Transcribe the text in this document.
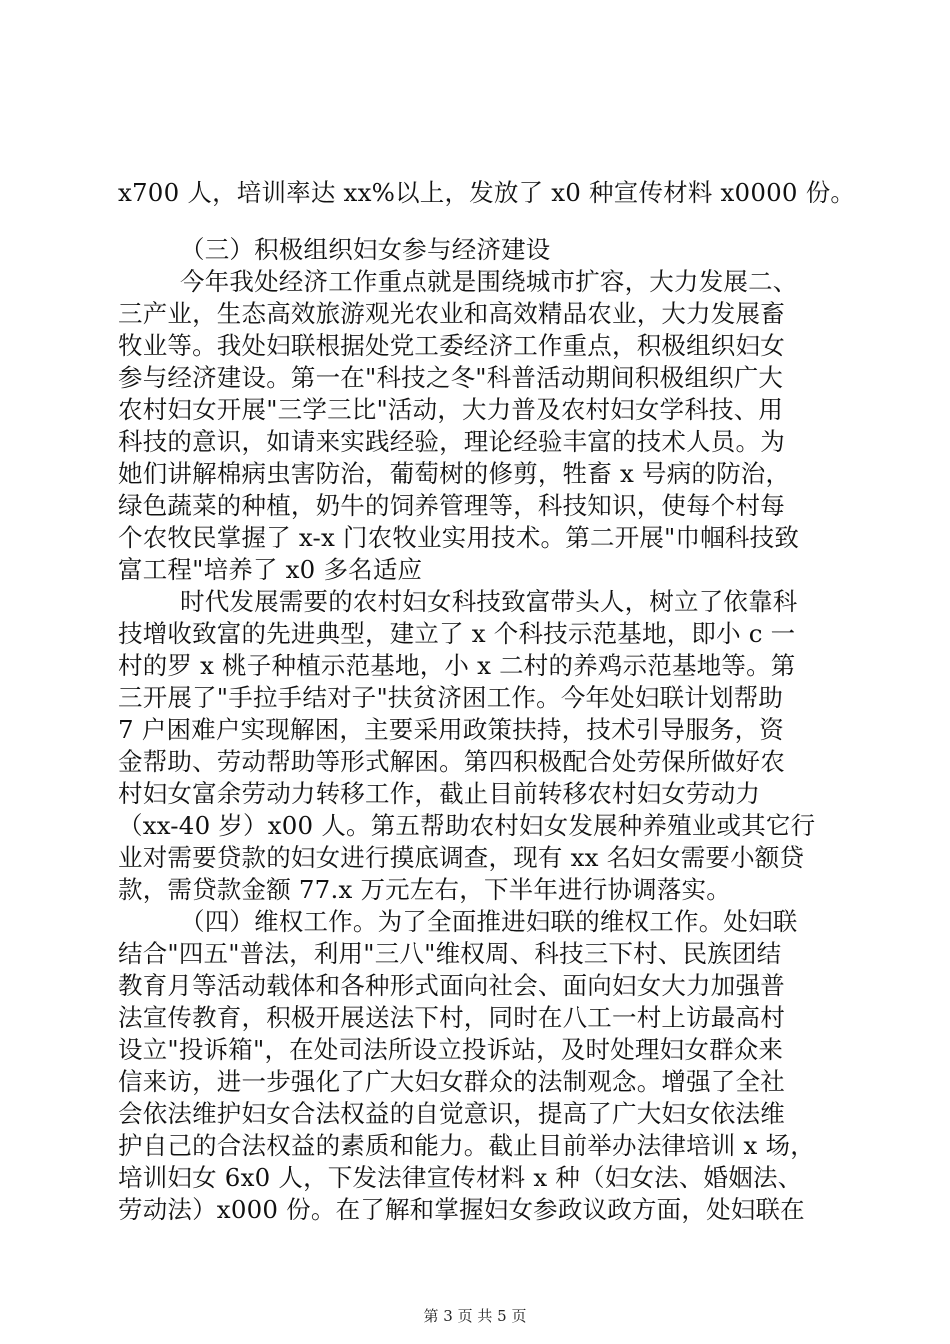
x700 人，培训率达 xx%以上，发放了 x0 种宣传材料 x0000 份。
（三）积极组织妇女参与经济建设
今年我处经济工作重点就是围绕城市扩容，大力发展二、
三产业，生态高效旅游观光农业和高效精品农业，大力发展畜
牧业等。我处妇联根据处党工委经济工作重点，积极组织妇女
参与经济建设。第一在"科技之冬"科普活动期间积极组织广大
农村妇女开展"三学三比"活动，大力普及农村妇女学科技、用
科技的意识，如请来实践经验，理论经验丰富的技术人员。为
她们讲解棉病虫害防治，葡萄树的修剪，牲畜 x 号病的防治，
绿色蔬菜的种植，奶牛的饲养管理等，科技知识，使每个村每
个农牧民掌握了 x-x 门农牧业实用技术。第二开展"巾帼科技致
富工程"培养了 x0 多名适应
时代发展需要的农村妇女科技致富带头人，树立了依靠科
技增收致富的先进典型，建立了 x 个科技示范基地，即小 c 一
村的罗 x 桃子种植示范基地，小 x 二村的养鸡示范基地等。第
三开展了"手拉手结对子"扶贫济困工作。今年处妇联计划帮助
7 户困难户实现解困，主要采用政策扶持，技术引导服务，资
金帮助、劳动帮助等形式解困。第四积极配合处劳保所做好农
村妇女富余劳动力转移工作，截止目前转移农村妇女劳动力
（xx-40 岁）x00 人。第五帮助农村妇女发展种养殖业或其它行
业对需要贷款的妇女进行摸底调查，现有 xx 名妇女需要小额贷
款，需贷款金额 77.x 万元左右，下半年进行协调落实。
（四）维权工作。为了全面推进妇联的维权工作。处妇联
结合"四五"普法，利用"三八"维权周、科技三下村、民族团结
教育月等活动载体和各种形式面向社会、面向妇女大力加强普
法宣传教育，积极开展送法下村，同时在八工一村上访最高村
设立"投诉箱"，在处司法所设立投诉站，及时处理妇女群众来
信来访，进一步强化了广大妇女群众的法制观念。增强了全社
会依法维护妇女合法权益的自觉意识，提高了广大妇女依法维
护自己的合法权益的素质和能力。截止目前举办法律培训 x 场，
培训妇女 6x0 人，下发法律宣传材料 x 种（妇女法、婚姻法、
劳动法）x000 份。在了解和掌握妇女参政议政方面，处妇联在
第 3 页 共 5 页
